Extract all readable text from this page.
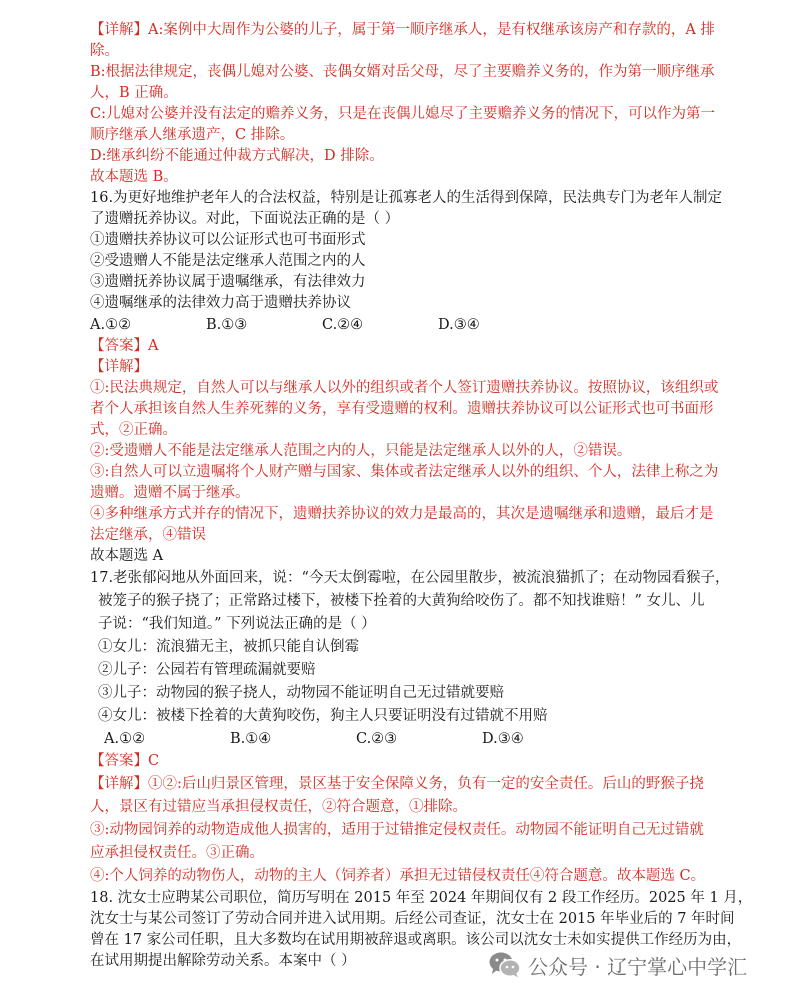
【详解】A:案例中大周作为公婆的儿子，属于第一顺序继承人，是有权继承该房产和存款的，A 排
除。
B:根据法律规定，丧偶儿媳对公婆、丧偶女婿对岳父母，尽了主要赡养义务的，作为第一顺序继承
人，B 正确。
C:儿媳对公婆并没有法定的赡养义务，只是在丧偶儿媳尽了主要赡养义务的情况下，可以作为第一
顺序继承人继承遗产，C 排除。
D:继承纠纷不能通过仲裁方式解决，D 排除。
故本题选 B。
16.为更好地维护老年人的合法权益，特别是让孤寡老人的生活得到保障，民法典专门为老年人制定
了遗赠抚养协议。对此，下面说法正确的是（ ）
①遗赠扶养协议可以公证形式也可书面形式
②受遗赠人不能是法定继承人范围之内的人
③遗赠抚养协议属于遗嘱继承，有法律效力
④遗嘱继承的法律效力高于遗赠扶养协议
A.①②	B.①③	C.②④	D.③④
【答案】A
【详解】
①:民法典规定，自然人可以与继承人以外的组织或者个人签订遗赠扶养协议。按照协议，该组织或
者个人承担该自然人生养死葬的义务，享有受遗赠的权利。遗赠扶养协议可以公证形式也可书面形
式，②正确。
②:受遗赠人不能是法定继承人范围之内的人，只能是法定继承人以外的人，②错误。
③:自然人可以立遗嘱将个人财产赠与国家、集体或者法定继承人以外的组织、个人，法律上称之为
遗赠。遗赠不属于继承。
④多种继承方式并存的情况下，遗赠扶养协议的效力是最高的，其次是遗嘱继承和遗赠，最后才是
法定继承，④错误
故本题选 A
17.老张郁闷地从外面回来，说：“今天太倒霉啦，在公园里散步，被流浪猫抓了；在动物园看猴子，
被笼子的猴子挠了；正常路过楼下，被楼下拴着的大黄狗给咬伤了。都不知找谁赔！” 女儿、儿
子说：“我们知道。” 下列说法正确的是（ ）
①女儿：流浪猫无主，被抓只能自认倒霉
②儿子：公园若有管理疏漏就要赔
③儿子：动物园的猴子挠人，动物园不能证明自己无过错就要赔
④女儿：被楼下拴着的大黄狗咬伤，狗主人只要证明没有过错就不用赔
A.①②	B.①④	C.②③	D.③④
【答案】C
【详解】①②:后山归景区管理，景区基于安全保障义务，负有一定的安全责任。后山的野猴子挠
人，景区有过错应当承担侵权责任，②符合题意，①排除。
③:动物园饲养的动物造成他人损害的，适用于过错推定侵权责任。动物园不能证明自己无过错就
应承担侵权责任。③正确。
④:个人饲养的动物伤人，动物的主人（饲养者）承担无过错侵权责任④符合题意。故本题选 C。
18. 沈女士应聘某公司职位，简历写明在 2015 年至 2024 年期间仅有 2 段工作经历。2025 年 1 月，
沈女士与某公司签订了劳动合同并进入试用期。后经公司查证，沈女士在 2015 年毕业后的 7 年时间
曾在 17 家公司任职，且大多数均在试用期被辞退或离职。该公司以沈女士未如实提供工作经历为由，
在试用期提出解除劳动关系。本案中（ ）	公众号 · 辽宁掌心中学汇
